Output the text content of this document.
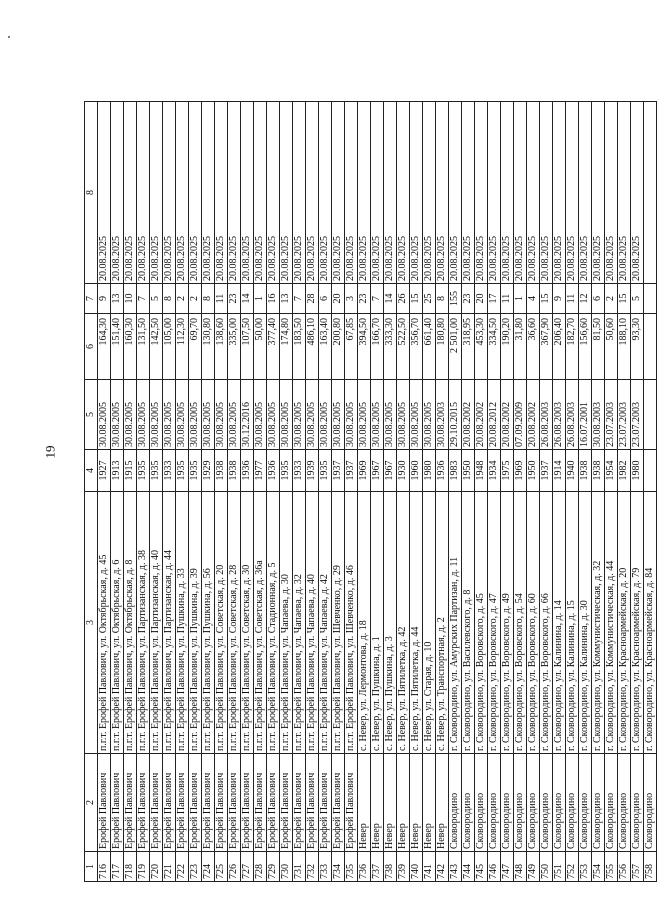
19
1	2	3	4	5	6	7	8
716	Ерофей Павлович	п.г.т. Ерофей Павлович, ул. Октябрьская, д. 45	1927	30.08.2005	164,30	9	20.08.2025
717	Ерофей Павлович	п.г.т. Ерофей Павлович, ул. Октябрьская, д. 6	1913	30.08.2005	151,40	13	20.08.2025
718	Ерофей Павлович	п.г.т. Ерофей Павлович, ул. Октябрьская, д. 8	1915	30.08.2005	160,30	10	20.08.2025
719	Ерофей Павлович	п.г.т. Ерофей Павлович, ул. Партизанская, д. 38	1935	30.08.2005	131,50	7	20.08.2025
720	Ерофей Павлович	п.г.т. Ерофей Павлович, ул. Партизанская, д. 40	1935	30.08.2005	142,50	5	20.08.2025
721	Ерофей Павлович	п.г.т. Ерофей Павлович, ул. Партизанская, д. 44	1933	30.08.2005	105,00	8	20.08.2025
722	Ерофей Павлович	п.г.т. Ерофей Павлович, ул. Пушкина, д. 33	1935	30.08.2005	112,30	2	20.08.2025
723	Ерофей Павлович	п.г.т. Ерофей Павлович, ул. Пушкина, д. 39	1935	30.08.2005	69,70	2	20.08.2025
724	Ерофей Павлович	п.г.т. Ерофей Павлович, ул. Пушкина, д. 56	1929	30.08.2005	130,80	8	20.08.2025
725	Ерофей Павлович	п.г.т. Ерофей Павлович, ул. Советская, д. 20	1938	30.08.2005	138,60	11	20.08.2025
726	Ерофей Павлович	п.г.т. Ерофей Павлович, ул. Советская, д. 28	1938	30.08.2005	335,00	23	20.08.2025
727	Ерофей Павлович	п.г.т. Ерофей Павлович, ул. Советская, д. 30	1936	30.12.2016	107,50	14	20.08.2025
728	Ерофей Павлович	п.г.т. Ерофей Павлович, ул. Советская, д. 36а	1977	30.08.2005	50,00	1	20.08.2025
729	Ерофей Павлович	п.г.т. Ерофей Павлович, ул. Стадионная, д. 5	1936	30.08.2005	377,40	16	20.08.2025
730	Ерофей Павлович	п.г.т. Ерофей Павлович, ул. Чапаева, д. 30	1935	30.08.2005	174,80	13	20.08.2025
731	Ерофей Павлович	п.г.т. Ерофей Павлович, ул. Чапаева, д. 32	1933	30.08.2005	183,50	7	20.08.2025
732	Ерофей Павлович	п.г.т. Ерофей Павлович, ул. Чапаева, д. 40	1939	30.08.2005	486,10	28	20.08.2025
733	Ерофей Павлович	п.г.т. Ерофей Павлович, ул. Чапаева, д. 42	1935	30.08.2005	163,40	6	20.08.2025
734	Ерофей Павлович	п.г.т. Ерофей Павлович, ул. Шевченко, д. 29	1937	30.08.2005	200,80	20	20.08.2025
735	Ерофей Павлович	п.г.т. Ерофей Павлович, ул. Шевченко, д. 46	1937	30.08.2005	67,85	3	20.08.2025
736	Невер	с. Невер, ул. Лермонтова, д. 18	1969	30.08.2005	394,50	23	20.08.2025
737	Невер	с. Невер, ул. Пушкина, д. 1	1967	30.08.2005	166,70	7	20.08.2025
738	Невер	с. Невер, ул. Пушкина, д. 3	1967	30.08.2005	333,30	14	20.08.2025
739	Невер	с. Невер, ул. Пятилетка, д. 42	1930	30.08.2005	522,50	26	20.08.2025
740	Невер	с. Невер, ул. Пятилетка, д. 44	1960	30.08.2005	356,70	15	20.08.2025
741	Невер	с. Невер, ул. Старая, д. 10	1980	30.08.2005	661,40	25	20.08.2025
742	Невер	с. Невер, ул. Транспортная, д. 2	1936	30.08.2003	180,80	8	20.08.2025
743	Сковородино	г. Сковородино, ул. Амурских Партизан, д. 11	1983	29.10.2015	2 501,00	155	20.08.2025
744	Сковородино	г. Сковородино, ул. Василевского, д. 8	1950	20.08.2002	318,95	23	20.08.2025
745	Сковородино	г. Сковородино, ул. Воровского, д. 45	1948	20.08.2002	453,30	20	20.08.2025
746	Сковородино	г. Сковородино, ул. Воровского, д. 47	1934	20.08.2012	334,50	17	20.08.2025
747	Сковородино	г. Сковородино, ул. Воровского, д. 49	1975	20.08.2002	190,20	11	20.08.2025
748	Сковородино	г. Сковородино, ул. Воровского, д. 54	1969	07.09.2009	31,80	1	20.08.2025
749	Сковородино	г. Сковородино, ул. Воровского, д. 60	1950	20.08.2002	36,60	4	20.08.2025
750	Сковородино	г. Сковородино, ул. Воровского, д. 66	1937	26.08.2003	367,90	15	20.08.2025
751	Сковородино	г. Сковородино, ул. Калинина, д. 14	1914	26.08.2003	206,40	9	20.08.2025
752	Сковородино	г. Сковородино, ул. Калинина, д. 15	1940	26.08.2003	182,70	11	20.08.2025
753	Сковородино	г. Сковородино, ул. Калинина, д. 30	1938	16.07.2001	156,60	12	20.08.2025
754	Сковородино	г. Сковородино, ул. Коммунистическая, д. 32	1938	30.08.2003	81,50	6	20.08.2025
755	Сковородино	г. Сковородино, ул. Коммунистическая, д. 44	1954	23.07.2003	50,60	2	20.08.2025
756	Сковородино	г. Сковородино, ул. Красноармейская, д. 20	1982	23.07.2003	188,10	15	20.08.2025
757	Сковородино	г. Сковородино, ул. Красноармейская, д. 79	1980	23.07.2003	93,30	5	20.08.2025
758	Сковородино	г. Сковородино, ул. Красноармейская, д. 84					
